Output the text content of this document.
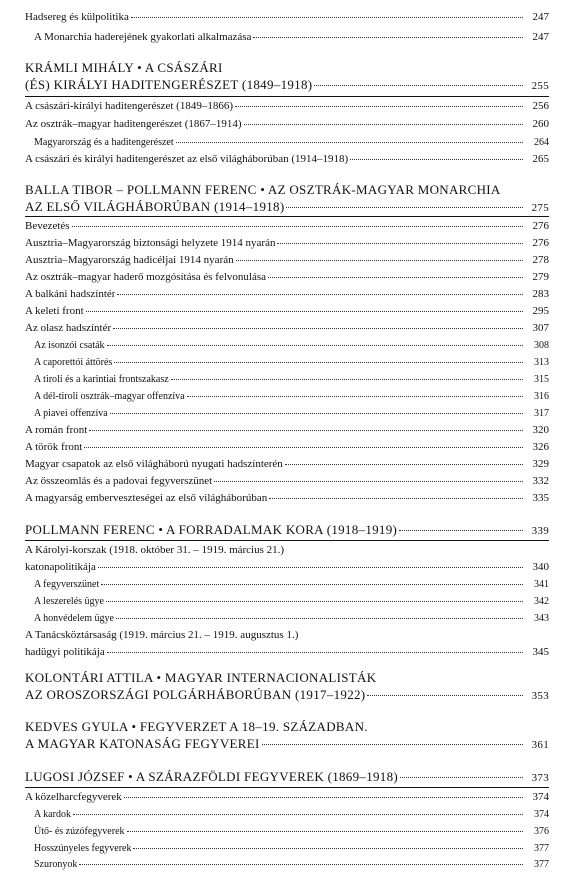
Hadsereg és külpolitika	247
A Monarchia haderejének gyakorlati alkalmazása	247
KRÁMLI MIHÁLY • A CSÁSZÁRI
(ÉS) KIRÁLYI HADITENGERÉSZET (1849–1918)	255
A császári-királyi haditengerészet (1849–1866)	256
Az osztrák–magyar haditengerészet (1867–1914)	260
Magyarország és a haditengerészet	264
A császári és királyi haditengerészet az első világháborúban (1914–1918)	265
BALLA TIBOR – POLLMANN FERENC • AZ OSZTRÁK-MAGYAR MONARCHIA
AZ ELSŐ VILÁGHÁBORÚBAN (1914–1918)	275
Bevezetés	276
Ausztria–Magyarország biztonsági helyzete 1914 nyarán	276
Ausztria–Magyarország hadicéljai 1914 nyarán	278
Az osztrák–magyar haderő mozgósítása és felvonulása	279
A balkáni hadszíntér	283
A keleti front	295
Az olasz hadszíntér	307
Az isonzói csaták	308
A caporettói áttörés	313
A tiroli és a karintiai frontszakasz	315
A dél-tiroli osztrák–magyar offenzíva	316
A piavei offenzíva	317
A román front	320
A török front	326
Magyar csapatok az első világháború nyugati hadszínterén	329
Az összeomlás és a padovai fegyverszünet	332
A magyarság emberveszteségei az első világháborúban	335
POLLMANN FERENC • A FORRADALMAK KORA (1918–1919)	339
A Károlyi-korszak (1918. október 31. – 1919. március 21.)
katonapolitikája	340
A fegyverszünet	341
A leszerelés ügye	342
A honvédelem ügye	343
A Tanácsköztársaság (1919. március 21. – 1919. augusztus 1.)
hadügyi politikája	345
KOLONTÁRI ATTILA • MAGYAR INTERNACIONALISTÁK
AZ OROSZORSZÁGI POLGÁRHÁBORÚBAN (1917–1922)	353
KEDVES GYULA • FEGYVERZET A 18–19. SZÁZADBAN.
A MAGYAR KATONASÁG FEGYVEREI	361
LUGOSI JÓZSEF • A SZÁRAZFÖLDI FEGYVEREK (1869–1918)	373
A közelharcfegyverek	374
A kardok	374
Ütő- és zúzófegyverek	376
Hosszúnyeles fegyverek	377
Szuronyok	377
